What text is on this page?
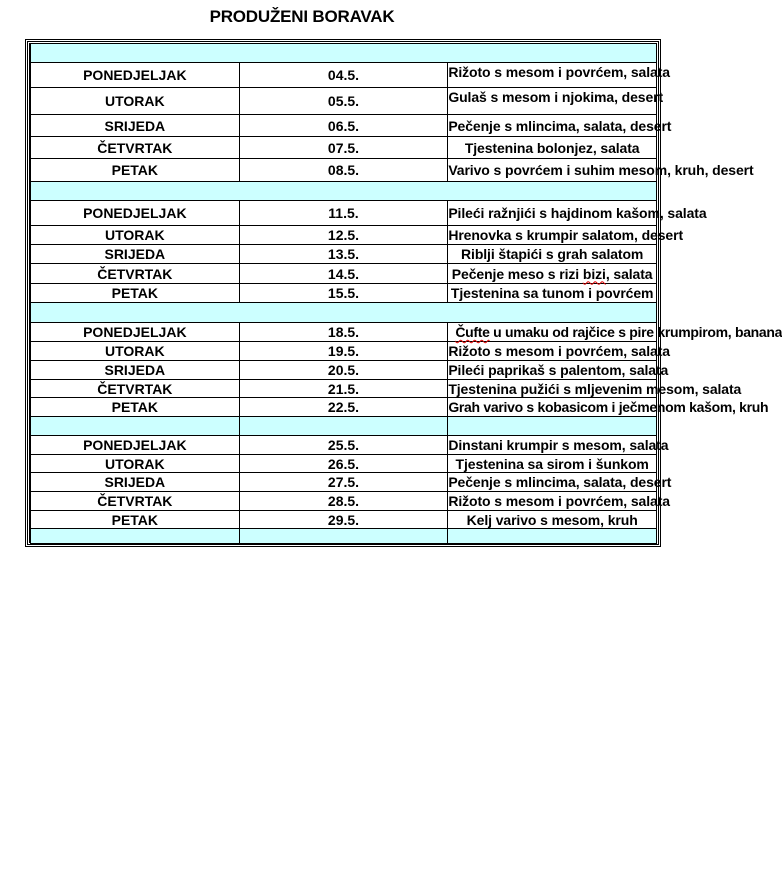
PRODUŽENI BORAVAK

PONEDJELJAK	04.5.	Rižoto s mesom i povrćem, salata
UTORAK	05.5.	Gulaš s mesom i njokima, desert
SRIJEDA	06.5.	Pečenje s mlincima, salata, desert
ČETVRTAK	07.5.	Tjestenina bolonjez, salata
PETAK	08.5.	Varivo s povrćem i suhim mesom, kruh, desert

PONEDJELJAK	11.5.	Pileći ražnjići s hajdinom kašom, salata
UTORAK	12.5.	Hrenovka s krumpir salatom, desert
SRIJEDA	13.5.	Riblji štapići s grah salatom
ČETVRTAK	14.5.	Pečenje meso s rizi bizi, salata
PETAK	15.5.	Tjestenina sa tunom i povrćem

PONEDJELJAK	18.5.	Čufte u umaku od rajčice s pire krumpirom, banana
UTORAK	19.5.	Rižoto s mesom i povrćem, salata
SRIJEDA	20.5.	Pileći paprikaš s palentom, salata
ČETVRTAK	21.5.	Tjestenina pužići s mljevenim mesom, salata
PETAK	22.5.	Grah varivo s kobasicom i ječmenom kašom, kruh

PONEDJELJAK	25.5.	Dinstani krumpir s mesom, salata
UTORAK	26.5.	Tjestenina sa sirom i šunkom
SRIJEDA	27.5.	Pečenje s mlincima, salata, desert
ČETVRTAK	28.5.	Rižoto s mesom i povrćem, salata
PETAK	29.5.	Kelj varivo s mesom, kruh
